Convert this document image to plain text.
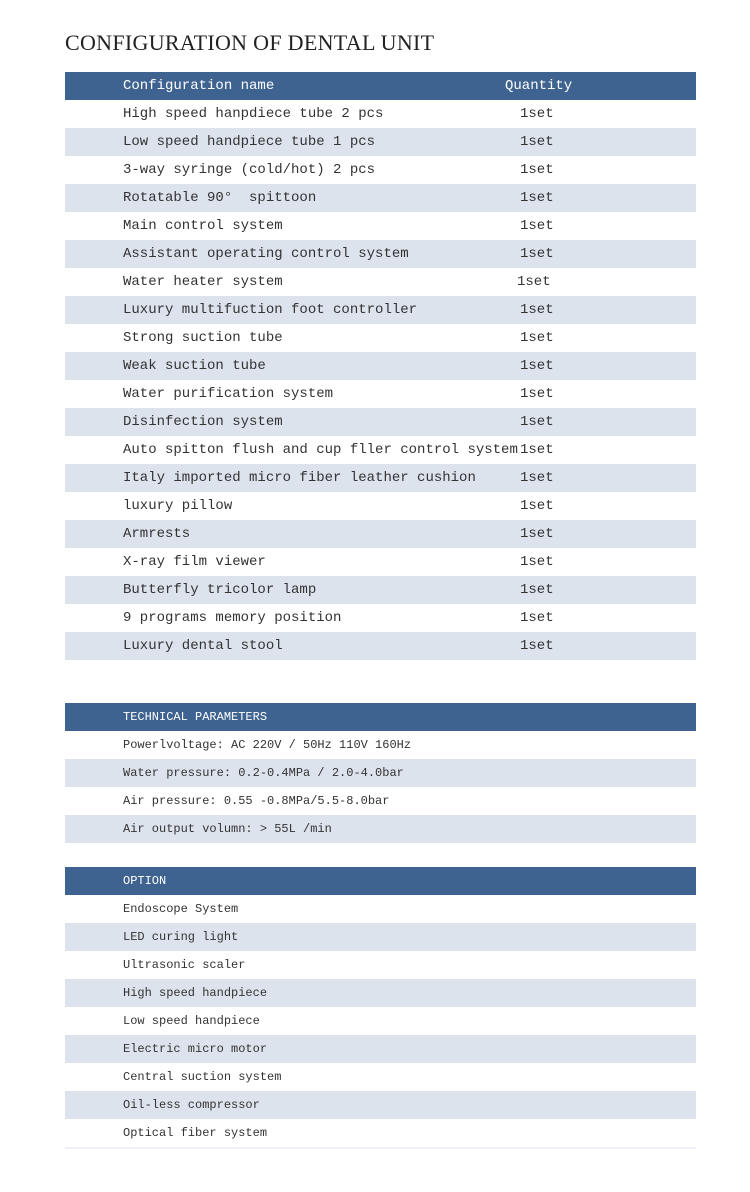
CONFIGURATION OF DENTAL UNIT
Configuration name	Quantity
High speed hanpdiece tube 2 pcs	1set
Low speed handpiece tube 1 pcs	1set
3-way syringe (cold/hot) 2 pcs	1set
Rotatable 90°  spittoon	1set
Main control system	1set
Assistant operating control system	1set
Water heater system	1set
Luxury multifuction foot controller	1set
Strong suction tube	1set
Weak suction tube	1set
Water purification system	1set
Disinfection system	1set
Auto spitton flush and cup fller control system 1set
Italy imported micro fiber leather cushion	1set
luxury pillow	1set
Armrests	1set
X-ray film viewer	1set
Butterfly tricolor lamp	1set
9 programs memory position	1set
Luxury dental stool	1set
TECHNICAL PARAMETERS
Powerlvoltage: AC 220V / 50Hz 110V 160Hz
Water pressure: 0.2-0.4MPa / 2.0-4.0bar
Air pressure: 0.55 -0.8MPa/5.5-8.0bar
Air output volumn: > 55L /min
OPTION
Endoscope System
LED curing light
Ultrasonic scaler
High speed handpiece
Low speed handpiece
Electric micro motor
Central suction system
Oil-less compressor
Optical fiber system
